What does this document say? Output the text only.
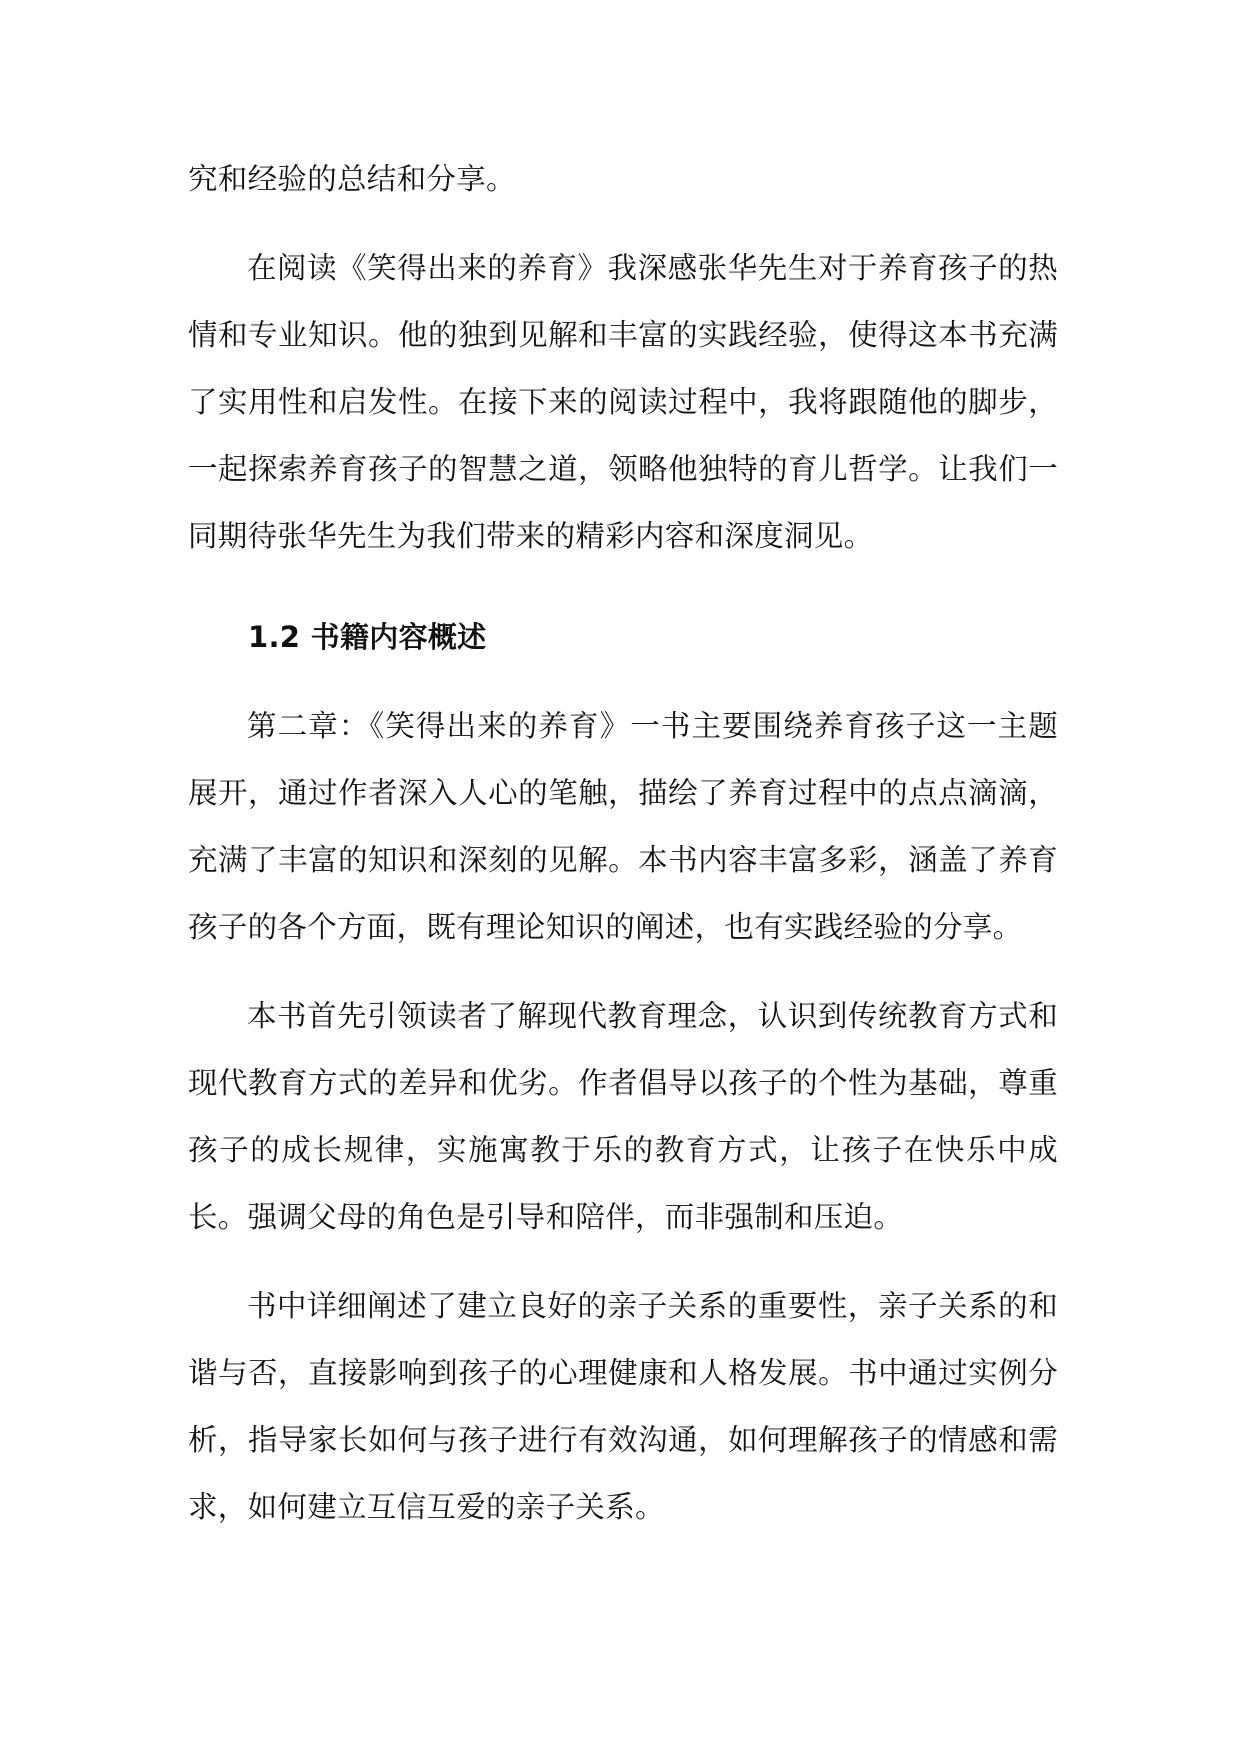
究和经验的总结和分享。

在阅读《笑得出来的养育》我深感张华先生对于养育孩子的热情和专业知识。他的独到见解和丰富的实践经验，使得这本书充满了实用性和启发性。在接下来的阅读过程中，我将跟随他的脚步，一起探索养育孩子的智慧之道，领略他独特的育儿哲学。让我们一同期待张华先生为我们带来的精彩内容和深度洞见。

1.2 书籍内容概述

第二章：《笑得出来的养育》一书主要围绕养育孩子这一主题展开，通过作者深入人心的笔触，描绘了养育过程中的点点滴滴，充满了丰富的知识和深刻的见解。本书内容丰富多彩，涵盖了养育孩子的各个方面，既有理论知识的阐述，也有实践经验的分享。

本书首先引领读者了解现代教育理念，认识到传统教育方式和现代教育方式的差异和优劣。作者倡导以孩子的个性为基础，尊重孩子的成长规律，实施寓教于乐的教育方式，让孩子在快乐中成长。强调父母的角色是引导和陪伴，而非强制和压迫。

书中详细阐述了建立良好的亲子关系的重要性，亲子关系的和谐与否，直接影响到孩子的心理健康和人格发展。书中通过实例分析，指导家长如何与孩子进行有效沟通，如何理解孩子的情感和需求，如何建立互信互爱的亲子关系。
